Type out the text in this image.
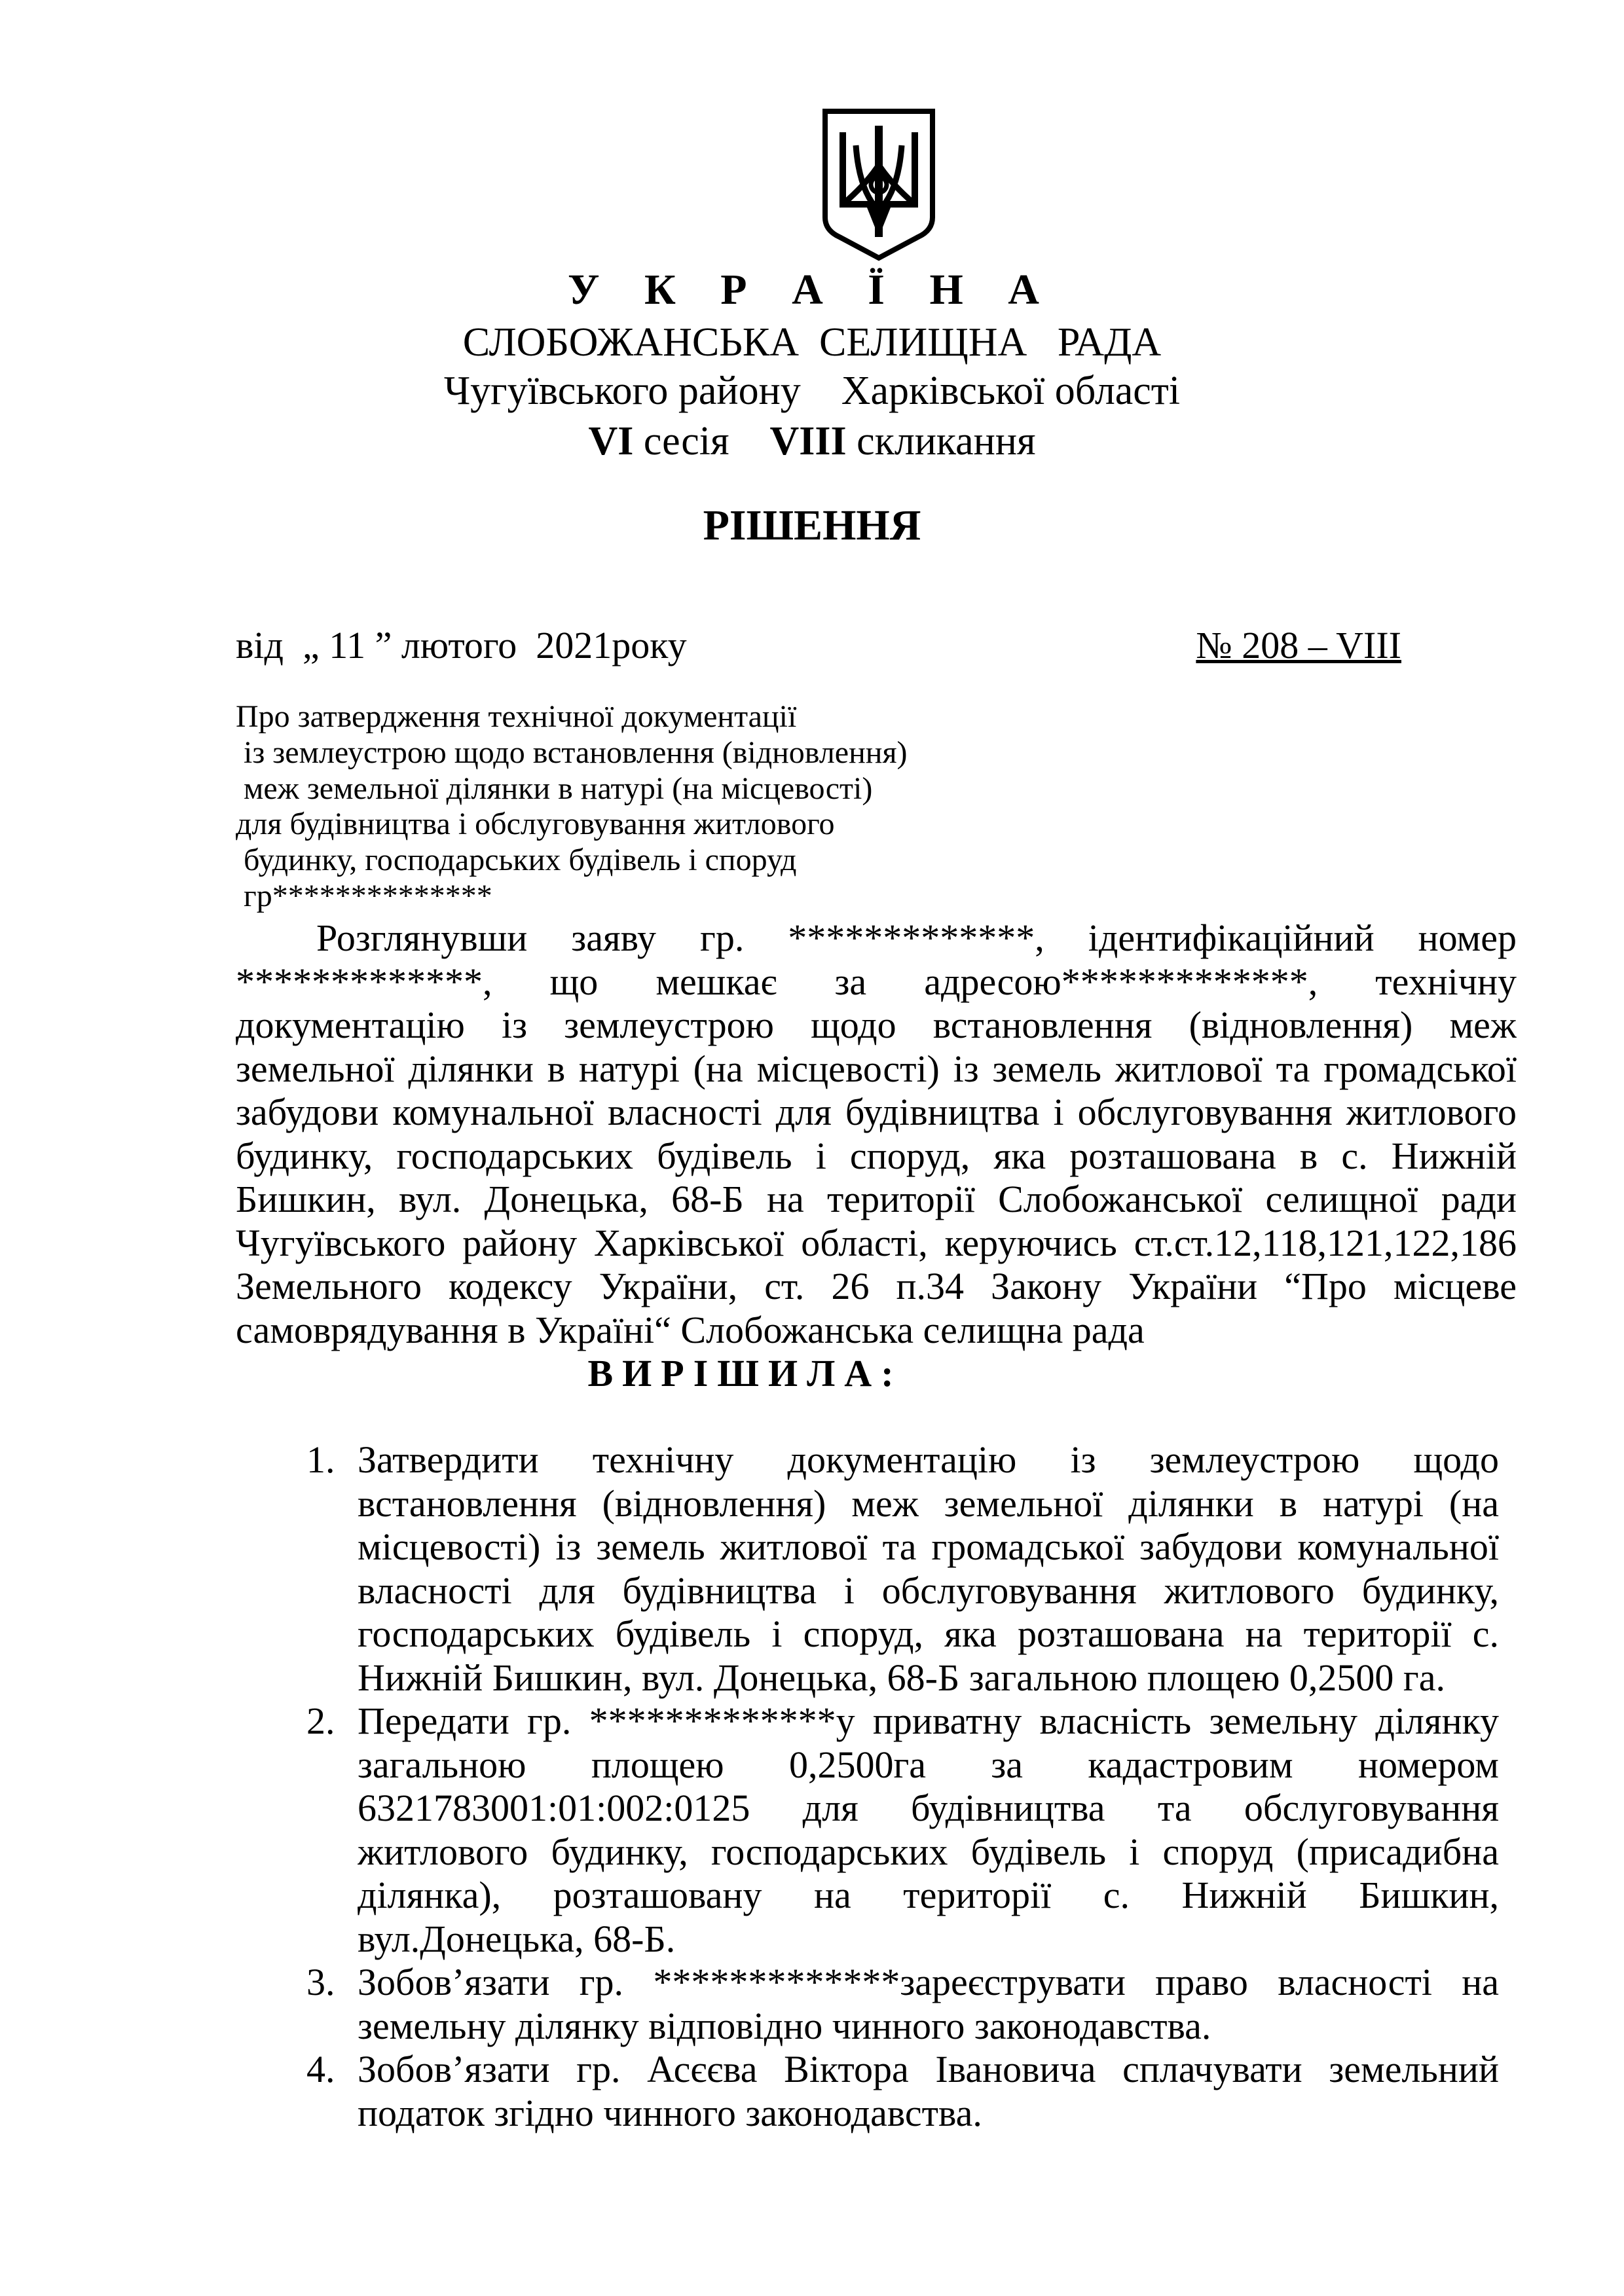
У К Р А Ї Н А
СЛОБОЖАНСЬКА  СЕЛИЩНА   РАДА
Чугуївського району    Харківської області
VI сесія    VIII скликання
РІШЕННЯ
від  „ 11 ” лютого  2021року	№ 208 – VIII
Про затвердження технічної документації
із землеустрою щодо встановлення (відновлення)
меж земельної ділянки в натурі (на місцевості)
для будівництва і обслуговування житлового
будинку, господарських будівель і споруд
гр**************
Розглянувши заяву гр. *************, ідентифікаційний номер
*************, що мешкає за адресою*************, технічну
документацію із землеустрою щодо встановлення (відновлення) меж
земельної ділянки в натурі (на місцевості) із земель житлової та громадської
забудови комунальної власності для будівництва і обслуговування житлового
будинку, господарських будівель і споруд, яка розташована в с. Нижній
Бишкин, вул. Донецька, 68-Б на території Слобожанської селищної ради
Чугуївського району Харківської області, керуючись ст.ст.12,118,121,122,186
Земельного кодексу України, ст. 26 п.34 Закону України “Про місцеве
самоврядування в Україні“ Слобожанська селищна рада
ВИРІШИЛА:
1. Затвердити технічну документацію із землеустрою щодо
встановлення (відновлення) меж земельної ділянки в натурі (на
місцевості) із земель житлової та громадської забудови комунальної
власності для будівництва і обслуговування житлового будинку,
господарських будівель і споруд, яка розташована на території с.
Нижній Бишкин, вул. Донецька, 68-Б загальною площею 0,2500 га.
2. Передати гр. *************у приватну власність земельну ділянку
загальною площею 0,2500га за кадастровим номером
6321783001:01:002:0125 для будівництва та обслуговування
житлового будинку, господарських будівель і споруд (присадибна
ділянка), розташовану на території с. Нижній Бишкин,
вул.Донецька, 68-Б.
3. Зобов’язати гр. *************зареєструвати право власності на
земельну ділянку відповідно чинного законодавства.
4. Зобов’язати гр. Асєєва Віктора Івановича сплачувати земельний
податок згідно чинного законодавства.
